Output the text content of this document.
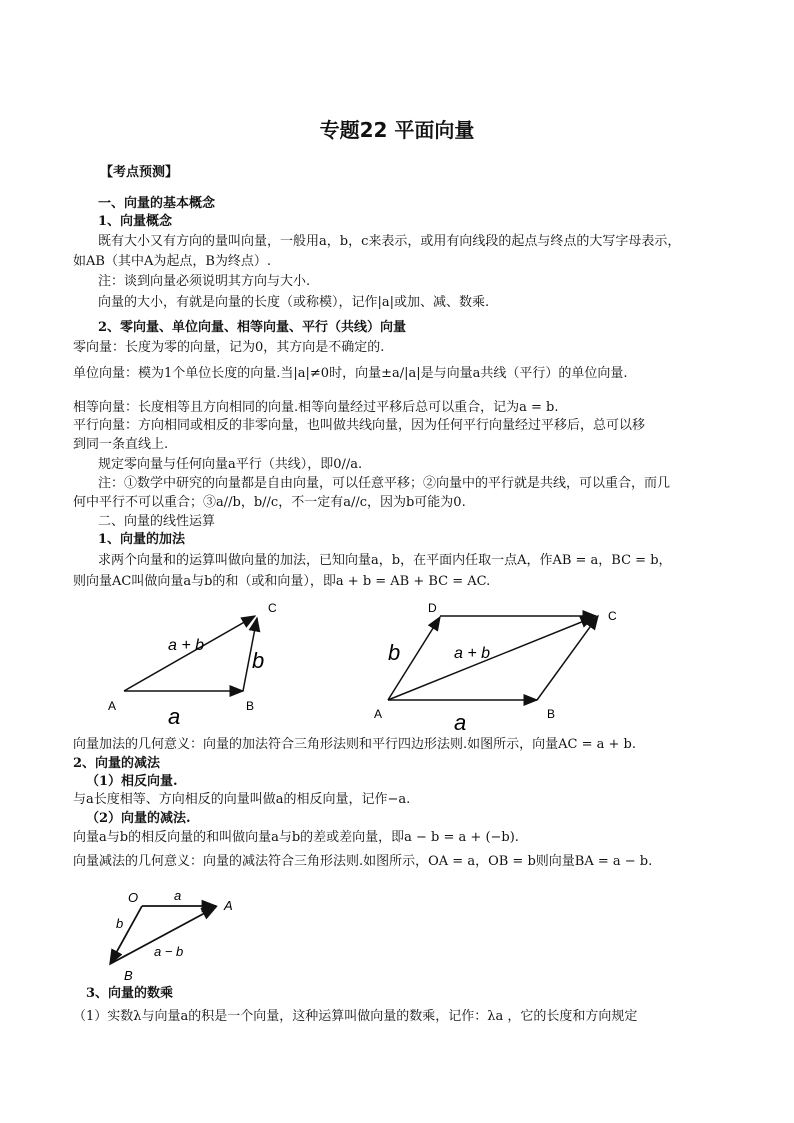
专题22 平面向量
【考点预测】
一、向量的基本概念
1、向量概念
既有大小又有方向的量叫向量，一般用a，b，c来表示，或用有向线段的起点与终点的大写字母表示，
如AB（其中A为起点，B为终点）.
注：谈到向量必须说明其方向与大小.
向量的大小，有就是向量的长度（或称模），记作|a|或加、减、数乘.
2、零向量、单位向量、相等向量、平行（共线）向量
零向量：长度为零的向量，记为0，其方向是不确定的.
单位向量：模为1个单位长度的向量.当|a|≠0时，向量±a/|a|是与向量a共线（平行）的单位向量.
相等向量：长度相等且方向相同的向量.相等向量经过平移后总可以重合，记为a = b.
平行向量：方向相同或相反的非零向量，也叫做共线向量，因为任何平行向量经过平移后，总可以移
到同一条直线上.
规定零向量与任何向量a平行（共线），即0//a.
注：①数学中研究的向量都是自由向量，可以任意平移；②向量中的平行就是共线，可以重合，而几
何中平行不可以重合；③a//b，b//c，不一定有a//c，因为b可能为0.
二、向量的线性运算
1、向量的加法
求两个向量和的运算叫做向量的加法，已知向量a，b，在平面内任取一点A，作AB = a，BC = b，
则向量AC叫做向量a与b的和（或和向量），即a + b = AB + BC = AC.
A	B
C
a
b
a + b
A	B
C
D
a
b	a + b
向量加法的几何意义：向量的加法符合三角形法则和平行四边形法则.如图所示，向量AC = a + b.
2、向量的减法
（1）相反向量.
与a长度相等、方向相反的向量叫做a的相反向量，记作−a.
（2）向量的减法.
向量a与b的相反向量的和叫做向量a与b的差或差向量，即a − b = a + (−b).
向量减法的几何意义：向量的减法符合三角形法则.如图所示，OA = a，OB = b则向量BA = a − b.
O
A
B
a
b
a − b
3、向量的数乘
（1）实数λ与向量a的积是一个向量，这种运算叫做向量的数乘，记作：λa ，它的长度和方向规定
